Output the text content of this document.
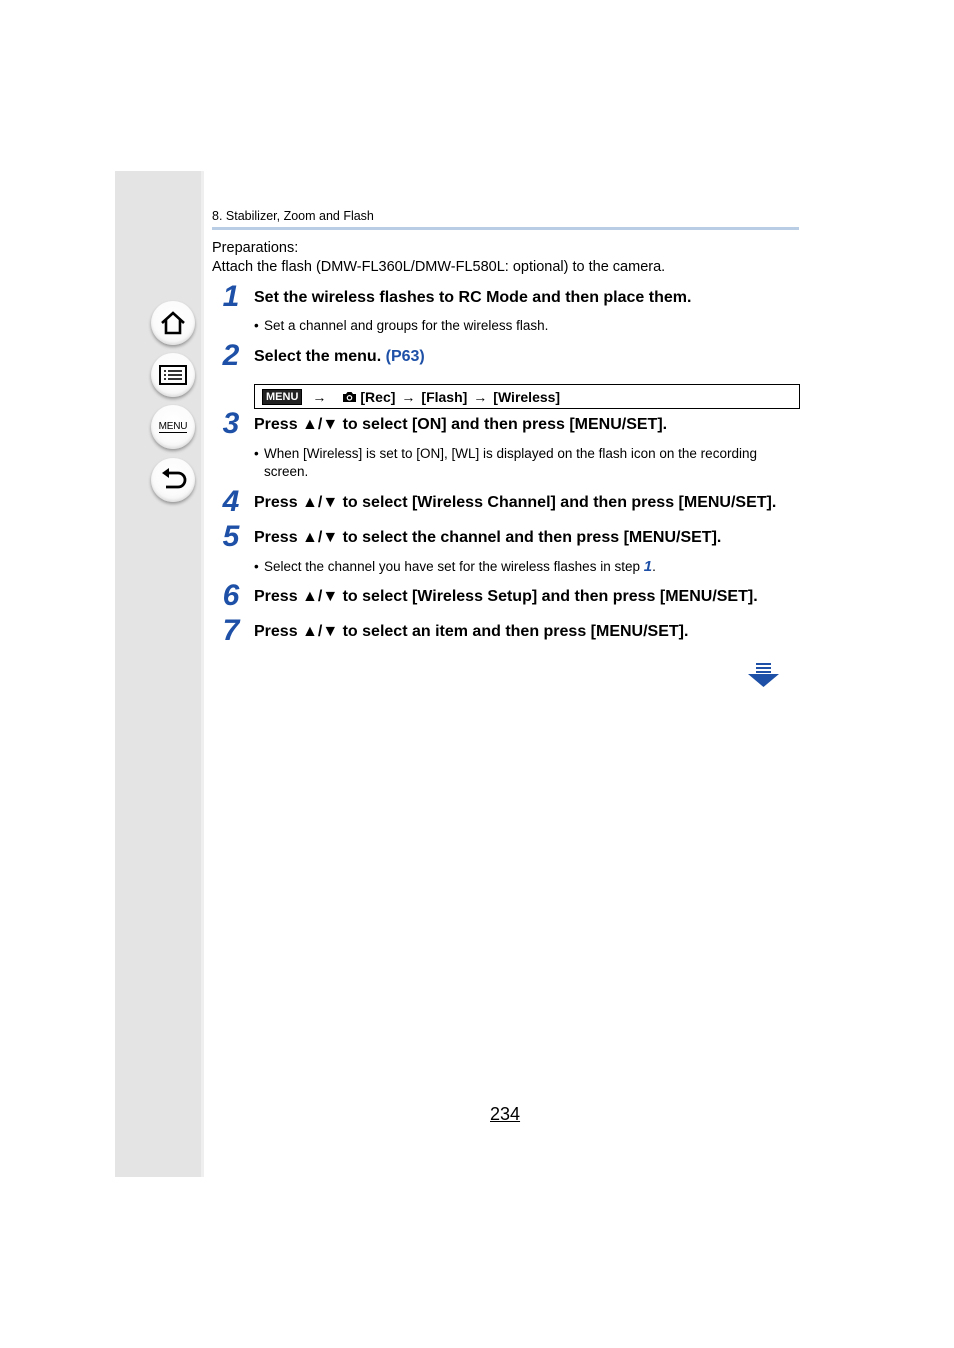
MENU
8. Stabilizer, Zoom and Flash
Preparations:
Attach the flash (DMW-FL360L/DMW-FL580L: optional) to the camera.
1 Set the wireless flashes to RC Mode and then place them.
• Set a channel and groups for the wireless flash.
2 Select the menu. (P63)
MENU → [Rec] → [Flash] → [Wireless]
3 Press ▲/▼ to select [ON] and then press [MENU/SET].
• When [Wireless] is set to [ON], [WL] is displayed on the flash icon on the recording
screen.
4 Press ▲/▼ to select [Wireless Channel] and then press [MENU/SET].
5 Press ▲/▼ to select the channel and then press [MENU/SET].
• Select the channel you have set for the wireless flashes in step 1.
6 Press ▲/▼ to select [Wireless Setup] and then press [MENU/SET].
7 Press ▲/▼ to select an item and then press [MENU/SET].
234
